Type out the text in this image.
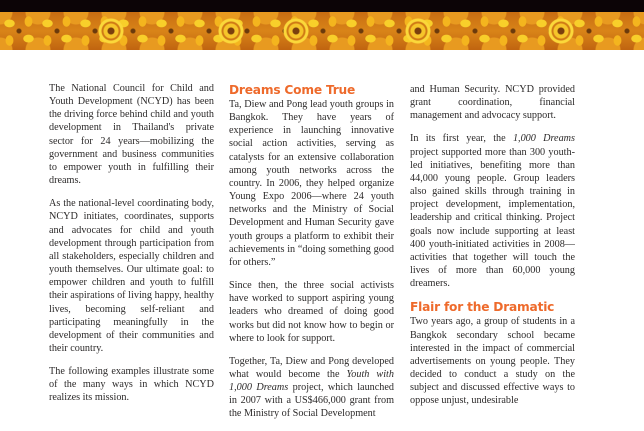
The National Council for Child and Youth Development (NCYD) has been the driving force behind child and youth development in Thailand's private sector for 24 years—mobilizing the government and business communities to empower youth in fulfilling their dreams.

As the national-level coordinating body, NCYD initiates, coordinates, supports and advocates for child and youth development through participation from all stakeholders, especially children and youth themselves. Our ultimate goal: to empower children and youth to fulfill their aspirations of living happy, healthy lives, becoming self-reliant and participating meaningfully in the development of their communities and their country.

The following examples illustrate some of the many ways in which NCYD realizes its mission.

Dreams Come True

Ta, Diew and Pong lead youth groups in Bangkok. They have years of experience in launching innovative social action activities, serving as catalysts for an extensive collaboration among youth networks across the country. In 2006, they helped organize Young Expo 2006—where 24 youth networks and the Ministry of Social Development and Human Security gave youth groups a platform to exhibit their achievements in “doing something good for others.”

Since then, the three social activists have worked to support aspiring young leaders who dreamed of doing good works but did not know how to begin or where to look for support.

Together, Ta, Diew and Pong developed what would become the Youth with 1,000 Dreams project, which launched in 2007 with a US$466,000 grant from the Ministry of Social Development

and Human Security. NCYD provided grant coordination, financial management and advocacy support.

In its first year, the 1,000 Dreams project supported more than 300 youth-led initiatives, benefiting more than 44,000 young people. Group leaders also gained skills through training in project development, implementation, leadership and critical thinking. Project goals now include supporting at least 400 youth-initiated activities in 2008—activities that together will touch the lives of more than 60,000 young dreamers.

Flair for the Dramatic

Two years ago, a group of students in a Bangkok secondary school became interested in the impact of commercial advertisements on young people. They decided to conduct a study on the subject and discussed effective ways to oppose unjust, undesirable
